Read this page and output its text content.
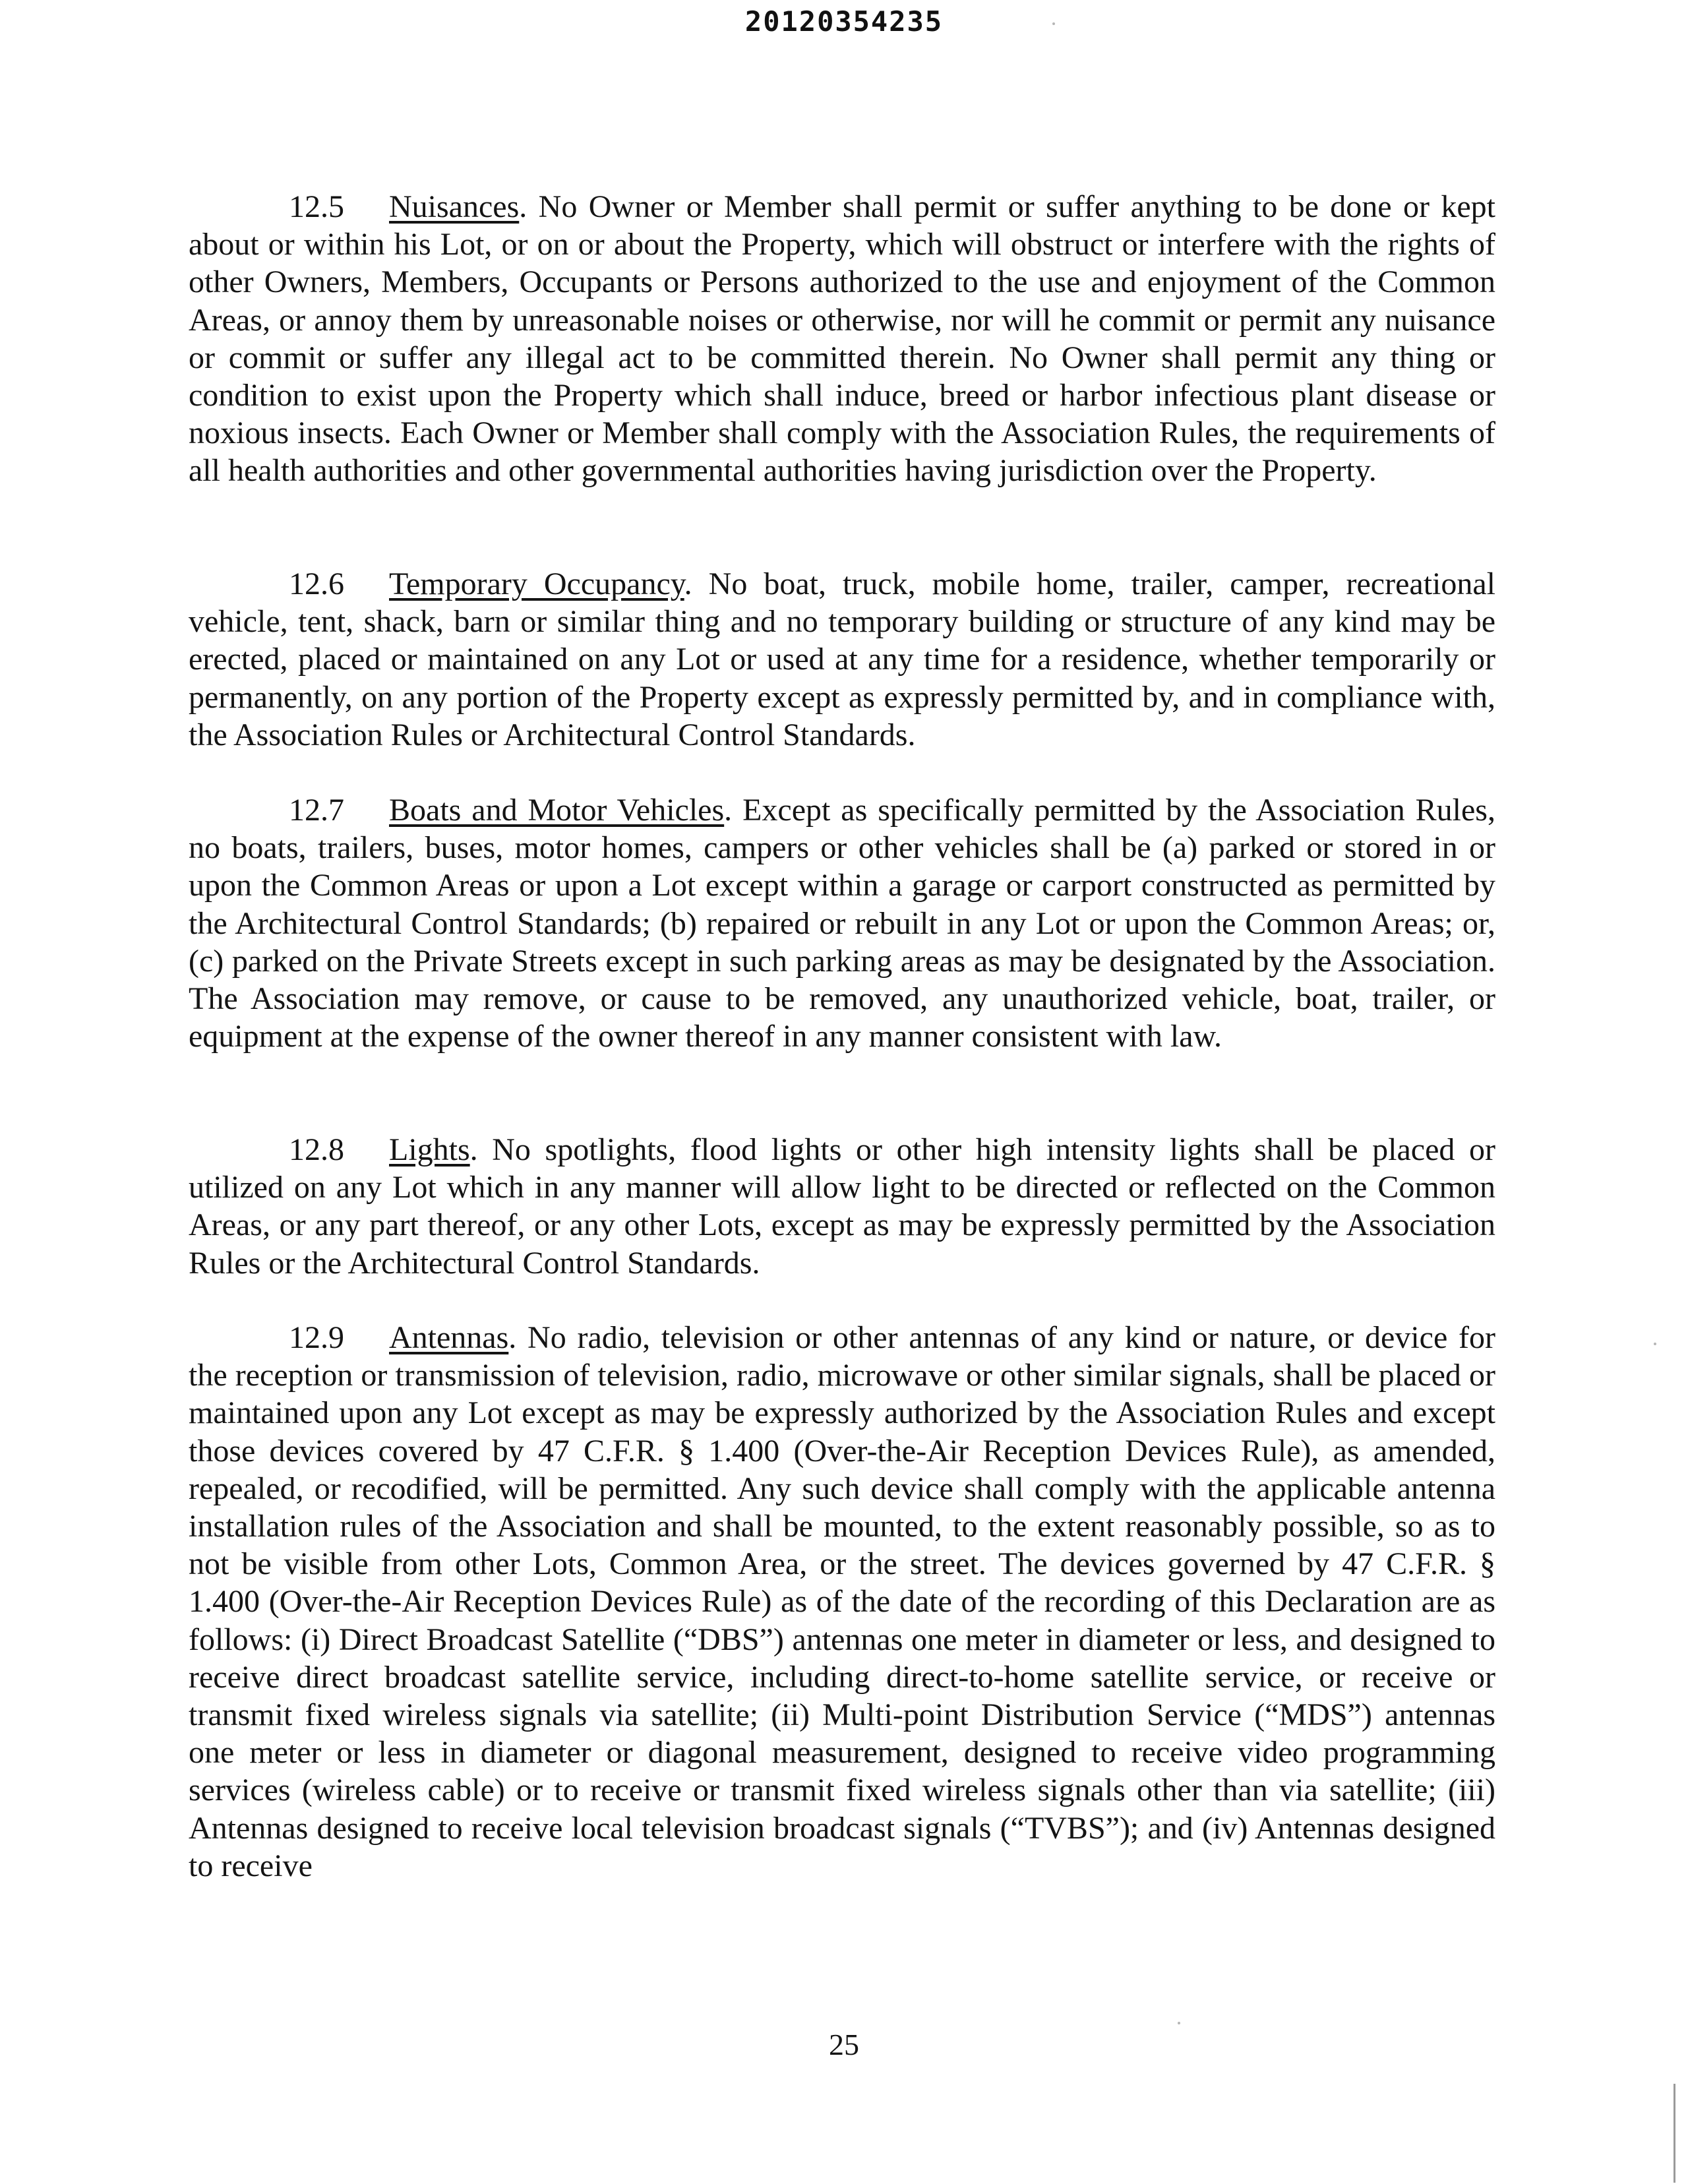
20120354235
12.5 Nuisances. No Owner or Member shall permit or suffer anything to be done or kept about or within his Lot, or on or about the Property, which will obstruct or interfere with the rights of other Owners, Members, Occupants or Persons authorized to the use and enjoyment of the Common Areas, or annoy them by unreasonable noises or otherwise, nor will he commit or permit any nuisance or commit or suffer any illegal act to be committed therein. No Owner shall permit any thing or condition to exist upon the Property which shall induce, breed or harbor infectious plant disease or noxious insects. Each Owner or Member shall comply with the Association Rules, the requirements of all health authorities and other governmental authorities having jurisdiction over the Property.
12.6 Temporary Occupancy. No boat, truck, mobile home, trailer, camper, recreational vehicle, tent, shack, barn or similar thing and no temporary building or structure of any kind may be erected, placed or maintained on any Lot or used at any time for a residence, whether temporarily or permanently, on any portion of the Property except as expressly permitted by, and in compliance with, the Association Rules or Architectural Control Standards.
12.7 Boats and Motor Vehicles. Except as specifically permitted by the Association Rules, no boats, trailers, buses, motor homes, campers or other vehicles shall be (a) parked or stored in or upon the Common Areas or upon a Lot except within a garage or carport constructed as permitted by the Architectural Control Standards; (b) repaired or rebuilt in any Lot or upon the Common Areas; or, (c) parked on the Private Streets except in such parking areas as may be designated by the Association. The Association may remove, or cause to be removed, any unauthorized vehicle, boat, trailer, or equipment at the expense of the owner thereof in any manner consistent with law.
12.8 Lights. No spotlights, flood lights or other high intensity lights shall be placed or utilized on any Lot which in any manner will allow light to be directed or reflected on the Common Areas, or any part thereof, or any other Lots, except as may be expressly permitted by the Association Rules or the Architectural Control Standards.
12.9 Antennas. No radio, television or other antennas of any kind or nature, or device for the reception or transmission of television, radio, microwave or other similar signals, shall be placed or maintained upon any Lot except as may be expressly authorized by the Association Rules and except those devices covered by 47 C.F.R. § 1.400 (Over-the-Air Reception Devices Rule), as amended, repealed, or recodified, will be permitted. Any such device shall comply with the applicable antenna installation rules of the Association and shall be mounted, to the extent reasonably possible, so as to not be visible from other Lots, Common Area, or the street. The devices governed by 47 C.F.R. § 1.400 (Over-the-Air Reception Devices Rule) as of the date of the recording of this Declaration are as follows: (i) Direct Broadcast Satellite (“DBS”) antennas one meter in diameter or less, and designed to receive direct broadcast satellite service, including direct-to-home satellite service, or receive or transmit fixed wireless signals via satellite; (ii) Multi-point Distribution Service (“MDS”) antennas one meter or less in diameter or diagonal measurement, designed to receive video programming services (wireless cable) or to receive or transmit fixed wireless signals other than via satellite; (iii) Antennas designed to receive local television broadcast signals (“TVBS”); and (iv) Antennas designed to receive
25
